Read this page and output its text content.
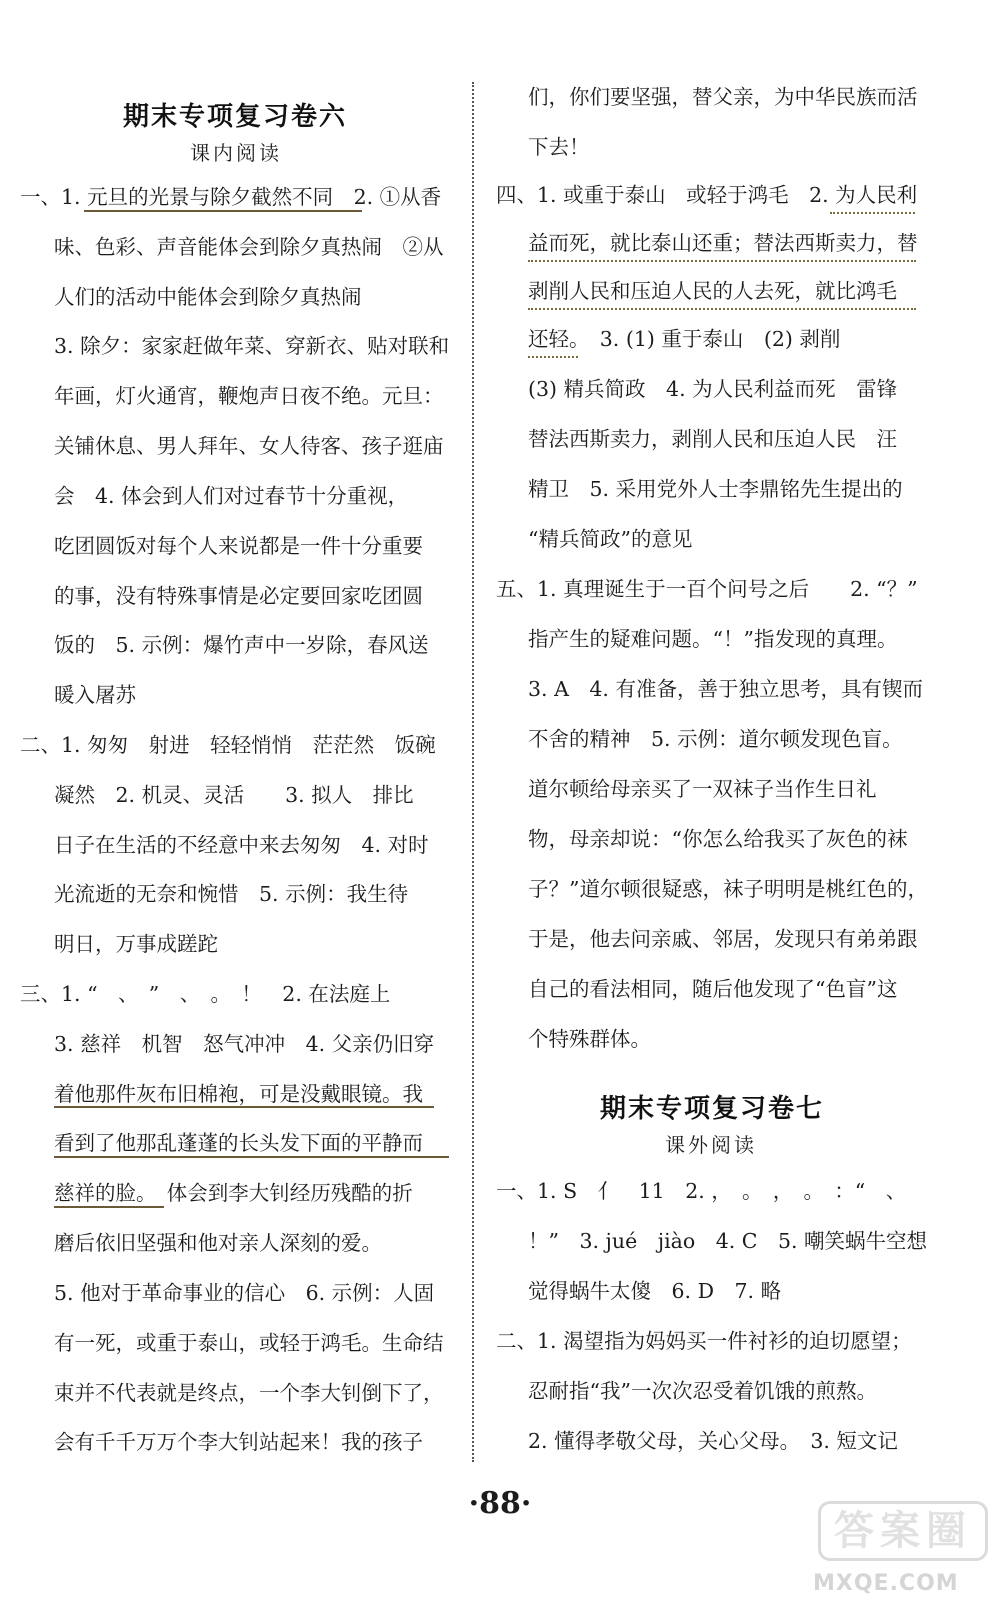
期末专项复习卷六
课内阅读
一、1. 元旦的光景与除夕截然不同　2. ①从香
味、色彩、声音能体会到除夕真热闹　②从
人们的活动中能体会到除夕真热闹
3. 除夕：家家赶做年菜、穿新衣、贴对联和
年画，灯火通宵，鞭炮声日夜不绝。元旦：
关铺休息、男人拜年、女人待客、孩子逛庙
会　4. 体会到人们对过春节十分重视，
吃团圆饭对每个人来说都是一件十分重要
的事，没有特殊事情是必定要回家吃团圆
饭的　5. 示例：爆竹声中一岁除，春风送
暖入屠苏
二、1. 匆匆　射进　轻轻悄悄　茫茫然　饭碗
凝然　2. 机灵、灵活　　3. 拟人　排比
日子在生活的不经意中来去匆匆　4. 对时
光流逝的无奈和惋惜　5. 示例：我生待
明日，万事成蹉跎
三、1. “　、　”　、　。　！　2. 在法庭上
3. 慈祥　机智　怒气冲冲　4. 父亲仍旧穿
着他那件灰布旧棉袍，可是没戴眼镜。我
看到了他那乱蓬蓬的长头发下面的平静而
慈祥的脸。　体会到李大钊经历残酷的折
磨后依旧坚强和他对亲人深刻的爱。
5. 他对于革命事业的信心　6. 示例：人固
有一死，或重于泰山，或轻于鸿毛。生命结
束并不代表就是终点，一个李大钊倒下了，
会有千千万万个李大钊站起来！我的孩子
们，你们要坚强，替父亲，为中华民族而活
下去！
四、1. 或重于泰山　或轻于鸿毛　2. 为人民利
益而死，就比泰山还重；替法西斯卖力，替
剥削人民和压迫人民的人去死，就比鸿毛
还轻。　3. (1) 重于泰山　(2) 剥削
(3) 精兵简政　4. 为人民利益而死　雷锋
替法西斯卖力，剥削人民和压迫人民　汪
精卫　5. 采用党外人士李鼎铭先生提出的
“精兵简政”的意见
五、1. 真理诞生于一百个问号之后　　2. “？”
指产生的疑难问题。“！”指发现的真理。
3. A　4. 有准备，善于独立思考，具有锲而
不舍的精神　5. 示例：道尔顿发现色盲。
道尔顿给母亲买了一双袜子当作生日礼
物，母亲却说：“你怎么给我买了灰色的袜
子？”道尔顿很疑惑，袜子明明是桃红色的，
于是，他去问亲戚、邻居，发现只有弟弟跟
自己的看法相同，随后他发现了“色盲”这
个特殊群体。
期末专项复习卷七
课外阅读
一、1. S　亻　11　2. ，　。　，　。　：“　、
！”　3. jué　jiào　4. C　5. 嘲笑蜗牛空想
觉得蜗牛太傻　6. D　7. 略
二、1. 渴望指为妈妈买一件衬衫的迫切愿望；
忍耐指“我”一次次忍受着饥饿的煎熬。
2. 懂得孝敬父母，关心父母。　3. 短文记
·88·
答案圈
MXQE.COM
